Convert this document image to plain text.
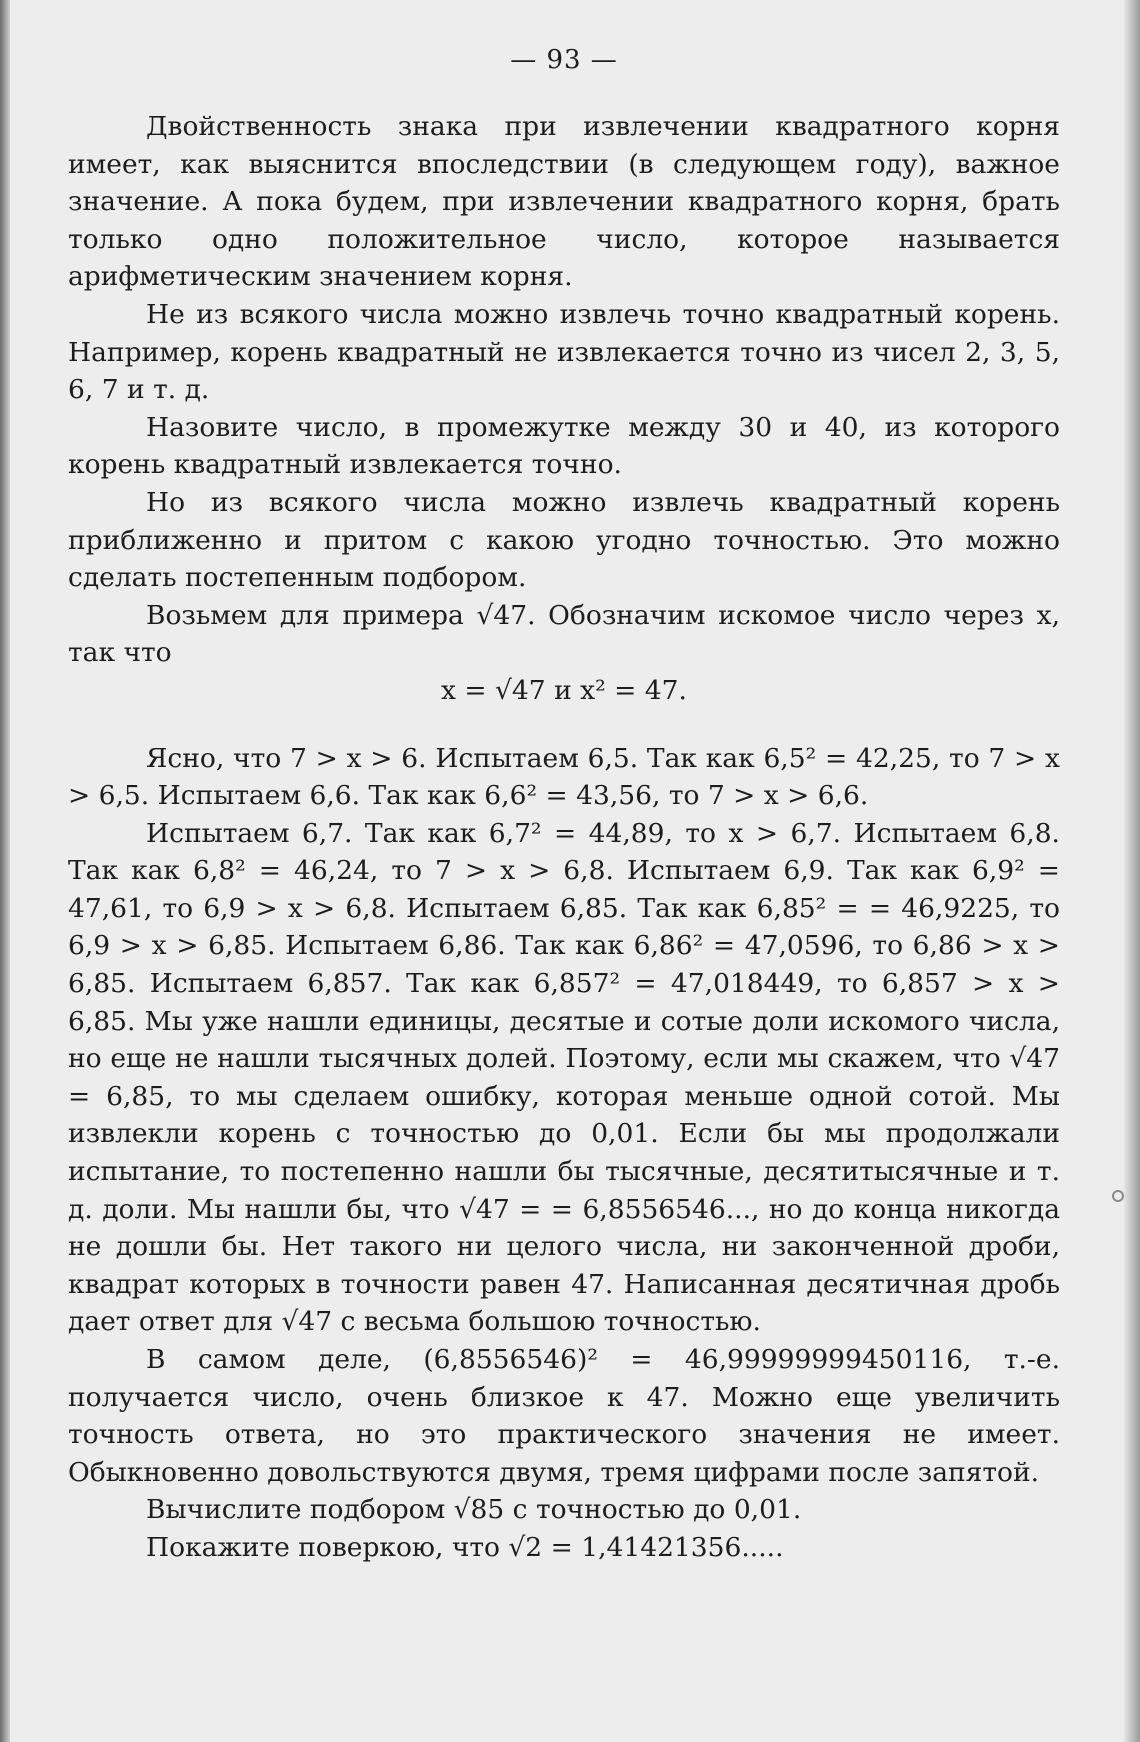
— 93 —

Двойственность знака при извлечении квадратного корня имеет, как выяснится впоследствии (в следующем году), важное значение. А пока будем, при извлечении квадратного корня, брать только одно положительное число, которое называется арифметическим значением корня.

Не из всякого числа можно извлечь точно квадратный корень. Например, корень квадратный не извлекается точно из чисел 2, 3, 5, 6, 7 и т. д.

Назовите число, в промежутке между 30 и 40, из которого корень квадратный извлекается точно.

Но из всякого числа можно извлечь квадратный корень приближенно и притом с какою угодно точностью. Это можно сделать постепенным подбором.

Возьмем для примера √47. Обозначим искомое число через x, так что

x = √47 и x² = 47.

Ясно, что 7 > x > 6. Испытаем 6,5. Так как 6,5² = 42,25, то 7 > x > 6,5. Испытаем 6,6. Так как 6,6² = 43,56, то 7 > x > 6,6.

Испытаем 6,7. Так как 6,7² = 44,89, то x > 6,7. Испытаем 6,8. Так как 6,8² = 46,24, то 7 > x > 6,8. Испытаем 6,9. Так как 6,9² = 47,61, то 6,9 > x > 6,8. Испытаем 6,85. Так как 6,85² = = 46,9225, то 6,9 > x > 6,85. Испытаем 6,86. Так как 6,86² = 47,0596, то 6,86 > x > 6,85. Испытаем 6,857. Так как 6,857² = 47,018449, то 6,857 > x > 6,85. Мы уже нашли единицы, десятые и сотые доли искомого числа, но еще не нашли тысячных долей. Поэтому, если мы скажем, что √47 = 6,85, то мы сделаем ошибку, которая меньше одной сотой. Мы извлекли корень с точностью до 0,01. Если бы мы продолжали испытание, то постепенно нашли бы тысячные, десятитысячные и т. д. доли. Мы нашли бы, что √47 = = 6,8556546..., но до конца никогда не дошли бы. Нет такого ни целого числа, ни законченной дроби, квадрат которых в точности равен 47. Написанная десятичная дробь дает ответ для √47 с весьма большою точностью.

В самом деле, (6,8556546)² = 46,99999999450116, т.-е. получается число, очень близкое к 47. Можно еще увеличить точность ответа, но это практического значения не имеет. Обыкновенно довольствуются двумя, тремя цифрами после запятой.

Вычислите подбором √85 с точностью до 0,01.

Покажите поверкою, что √2 = 1,41421356.....
